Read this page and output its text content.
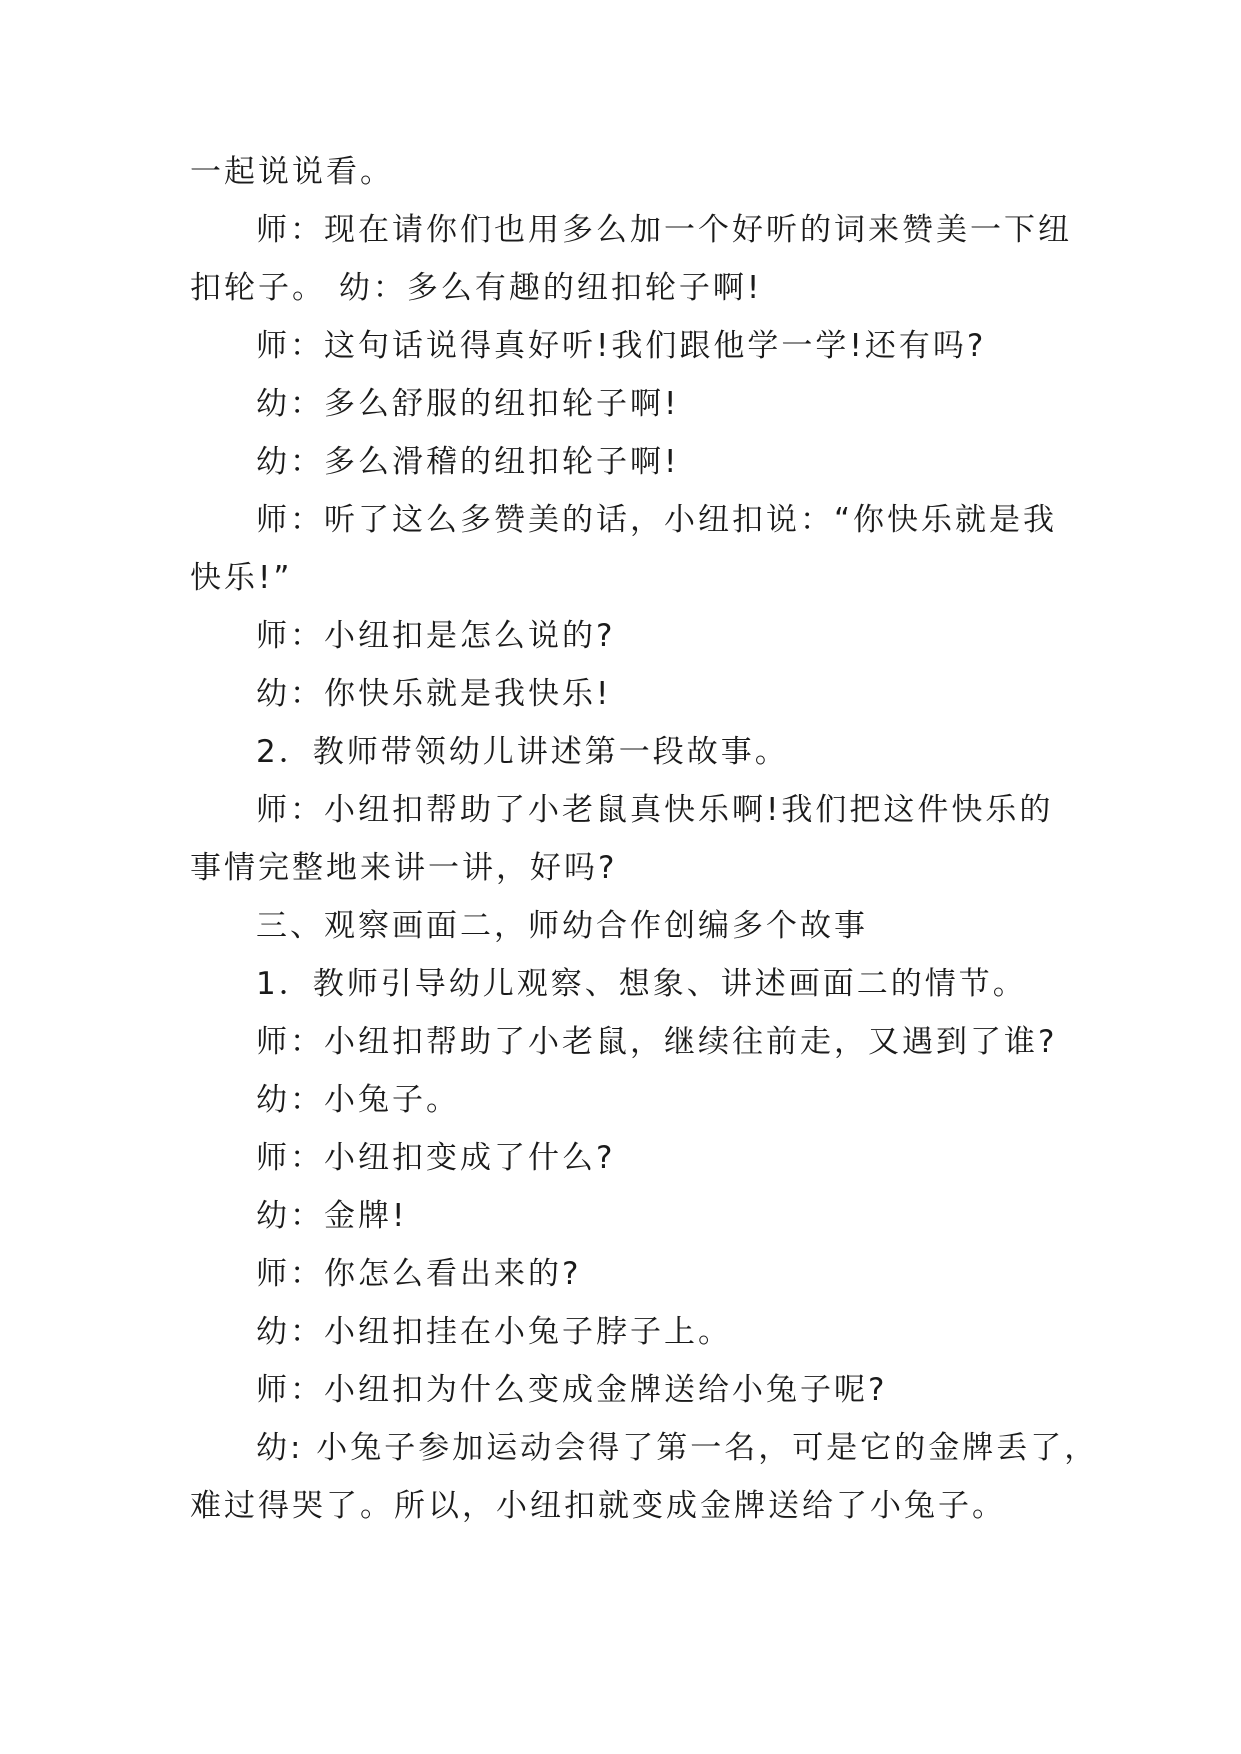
一起说说看。

师：现在请你们也用多么加一个好听的词来赞美一下纽

扣轮子。 幼：多么有趣的纽扣轮子啊!

师：这句话说得真好听!我们跟他学一学!还有吗?

幼：多么舒服的纽扣轮子啊!

幼：多么滑稽的纽扣轮子啊!

师：听了这么多赞美的话，小纽扣说：“你快乐就是我

快乐!”

师：小纽扣是怎么说的?

幼：你快乐就是我快乐!

2．教师带领幼儿讲述第一段故事。

师：小纽扣帮助了小老鼠真快乐啊!我们把这件快乐的

事情完整地来讲一讲，好吗?

三、观察画面二，师幼合作创编多个故事

1．教师引导幼儿观察、想象、讲述画面二的情节。

师：小纽扣帮助了小老鼠，继续往前走，又遇到了谁?

幼：小兔子。

师：小纽扣变成了什么?

幼：金牌!

师：你怎么看出来的?

幼：小纽扣挂在小兔子脖子上。

师：小纽扣为什么变成金牌送给小兔子呢?

幼: 小兔子参加运动会得了第一名，可是它的金牌丢了，

难过得哭了。所以，小纽扣就变成金牌送给了小兔子。
